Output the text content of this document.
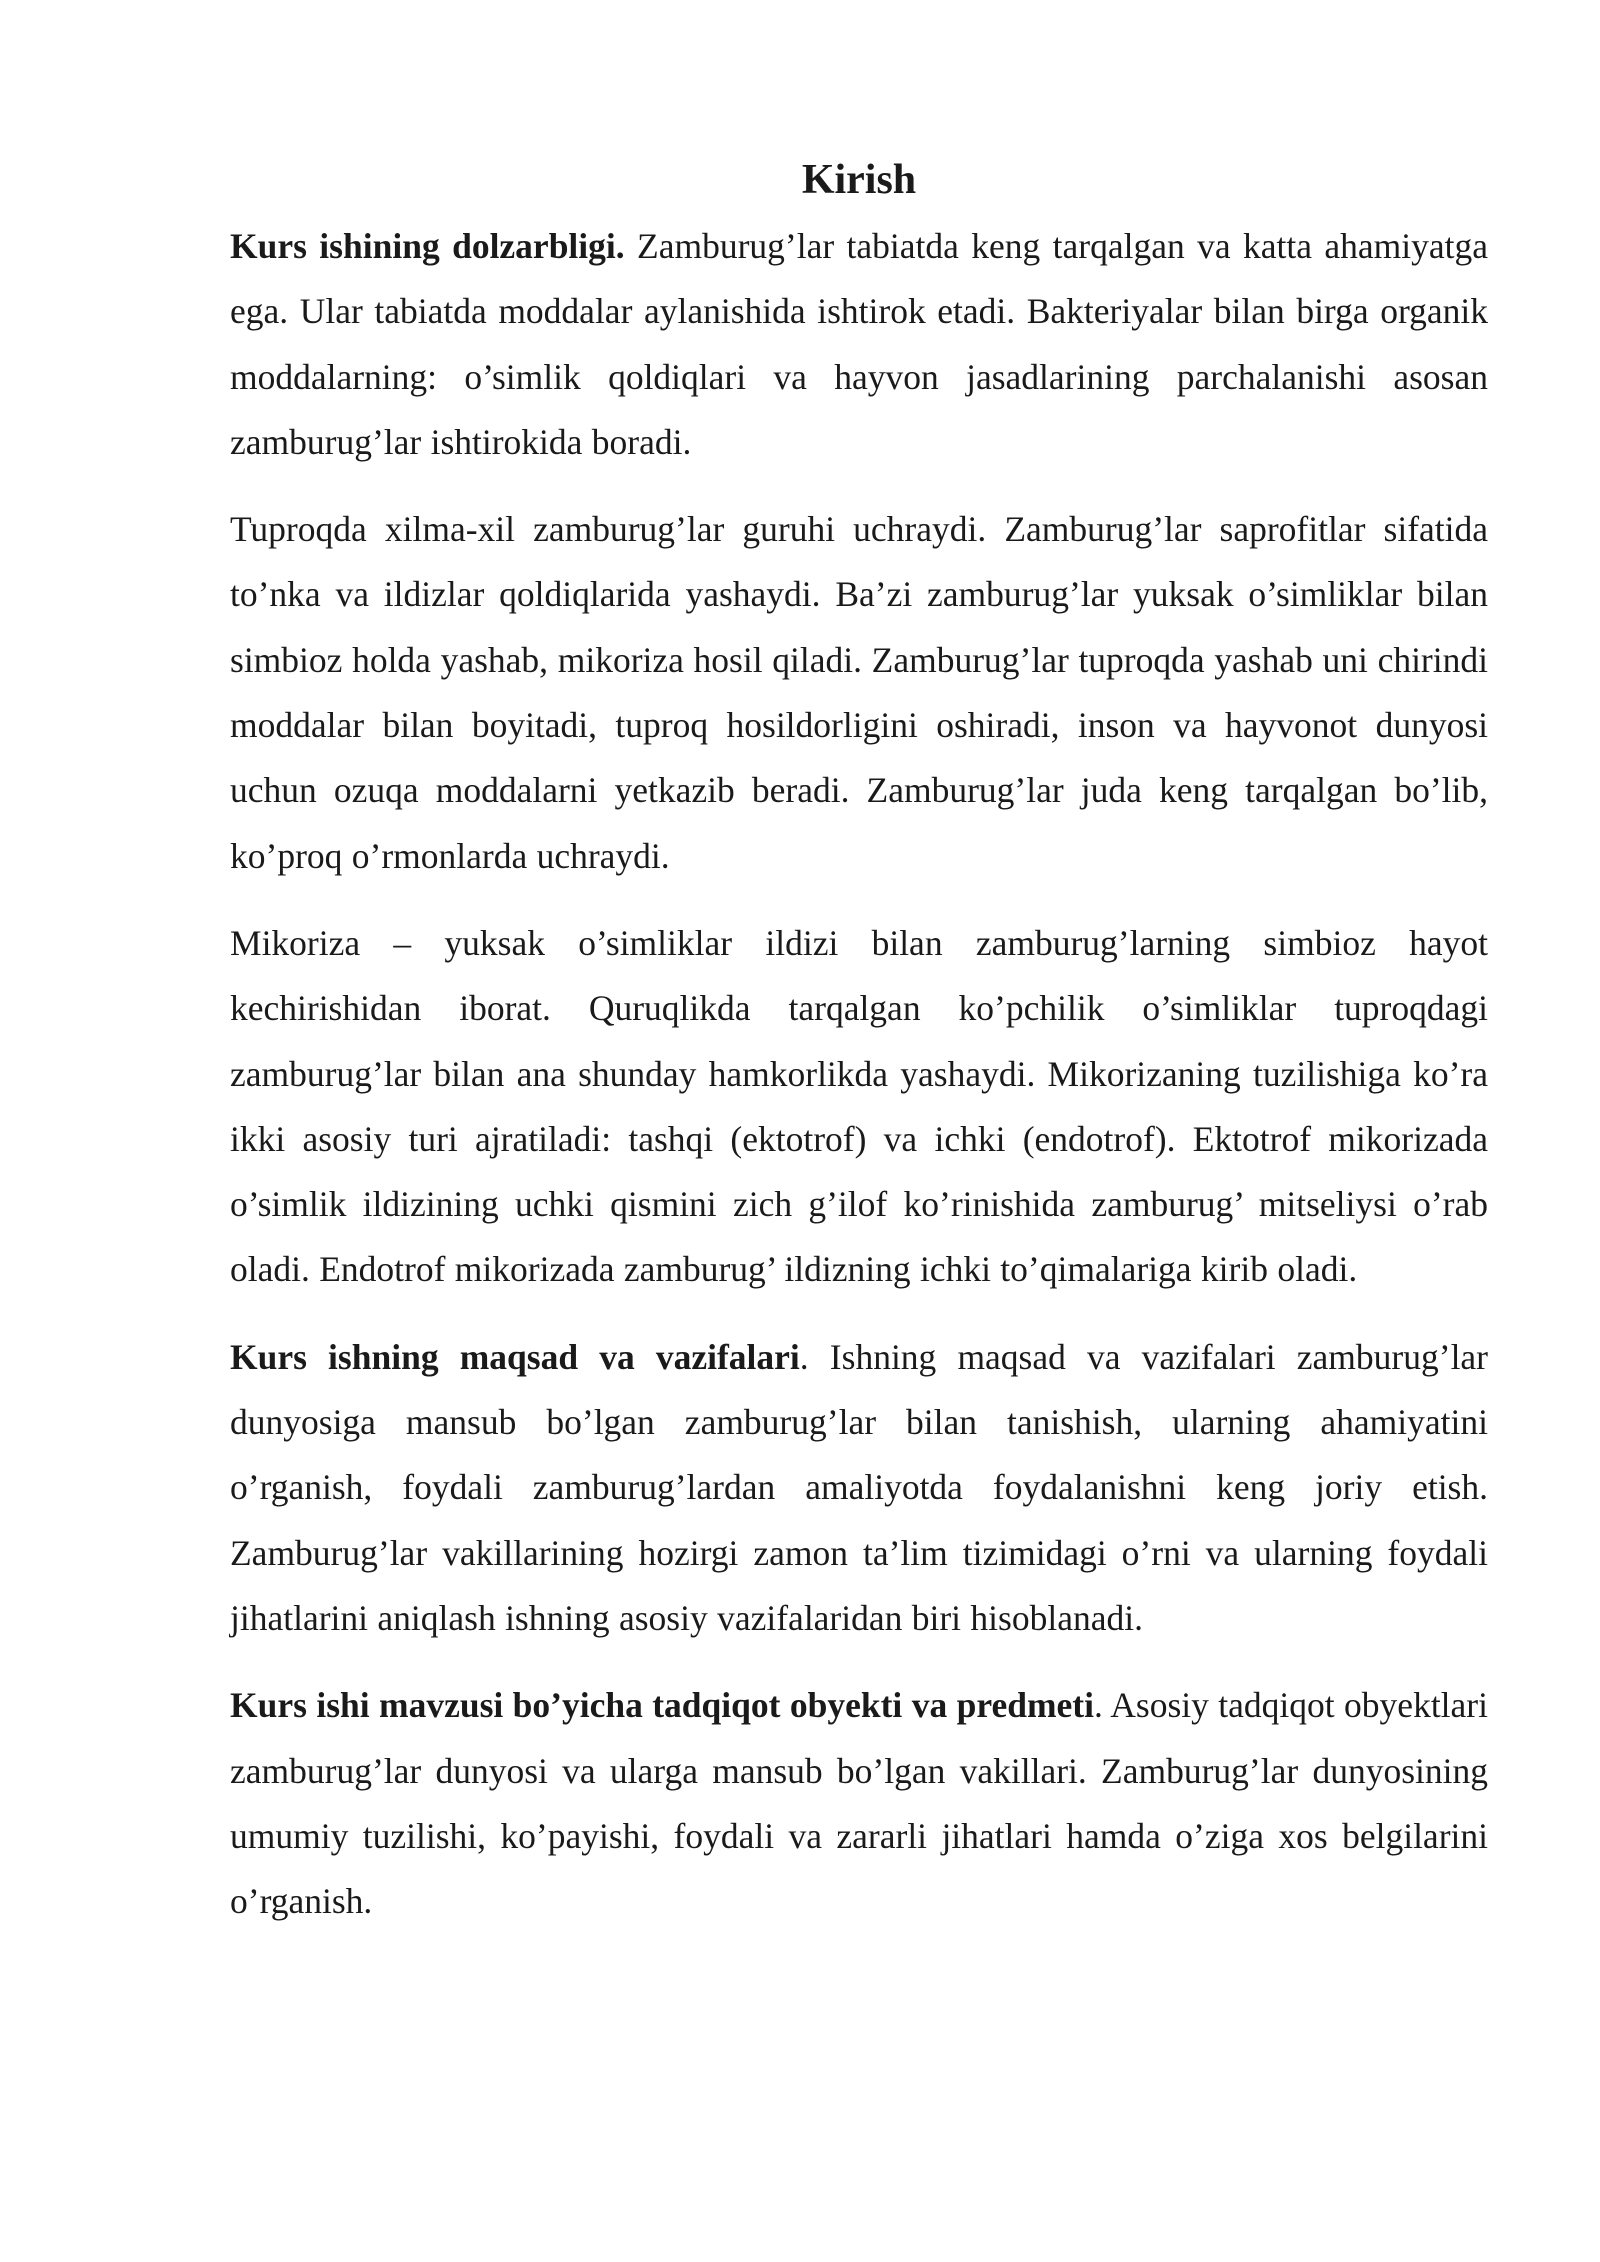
Kirish

Kurs ishining dolzarbligi. Zamburug’lar tabiatda keng tarqalgan va katta ahamiyatga ega. Ular tabiatda moddalar aylanishida ishtirok etadi. Bakteriyalar bilan birga organik moddalarning: o’simlik qoldiqlari va hayvon jasadlarining parchalanishi asosan zamburug’lar ishtirokida boradi.

Tuproqda xilma-xil zamburug’lar guruhi uchraydi. Zamburug’lar saprofitlar sifatida to’nka va ildizlar qoldiqlarida yashaydi. Ba’zi zamburug’lar yuksak o’simliklar bilan simbioz holda yashab, mikoriza hosil qiladi. Zamburug’lar tuproqda yashab uni chirindi moddalar bilan boyitadi, tuproq hosildorligini oshiradi, inson va hayvonot dunyosi uchun ozuqa moddalarni yetkazib beradi. Zamburug’lar juda keng tarqalgan bo’lib, ko’proq o’rmonlarda uchraydi.

Mikoriza – yuksak o’simliklar ildizi bilan zamburug’larning simbioz hayot kechirishidan iborat. Quruqlikda tarqalgan ko’pchilik o’simliklar tuproqdagi zamburug’lar bilan ana shunday hamkorlikda yashaydi. Mikorizaning tuzilishiga ko’ra ikki asosiy turi ajratiladi: tashqi (ektotrof) va ichki (endotrof). Ektotrof mikorizada o’simlik ildizining uchki qismini zich g’ilof ko’rinishida zamburug’ mitseliysi o’rab oladi. Endotrof mikorizada zamburug’ ildizning ichki to’qimalariga kirib oladi.

Kurs ishning maqsad va vazifalari. Ishning maqsad va vazifalari zamburug’lar dunyosiga mansub bo’lgan zamburug’lar bilan tanishish, ularning ahamiyatini o’rganish, foydali zamburug’lardan amaliyotda foydalanishni keng joriy etish. Zamburug’lar vakillarining hozirgi zamon ta’lim tizimidagi o’rni va ularning foydali jihatlarini aniqlash ishning asosiy vazifalaridan biri hisoblanadi.

Kurs ishi mavzusi bo’yicha tadqiqot obyekti va predmeti. Asosiy tadqiqot obyektlari zamburug’lar dunyosi va ularga mansub bo’lgan vakillari. Zamburug’lar dunyosining umumiy tuzilishi, ko’payishi, foydali va zararli jihatlari hamda o’ziga xos belgilarini o’rganish.
